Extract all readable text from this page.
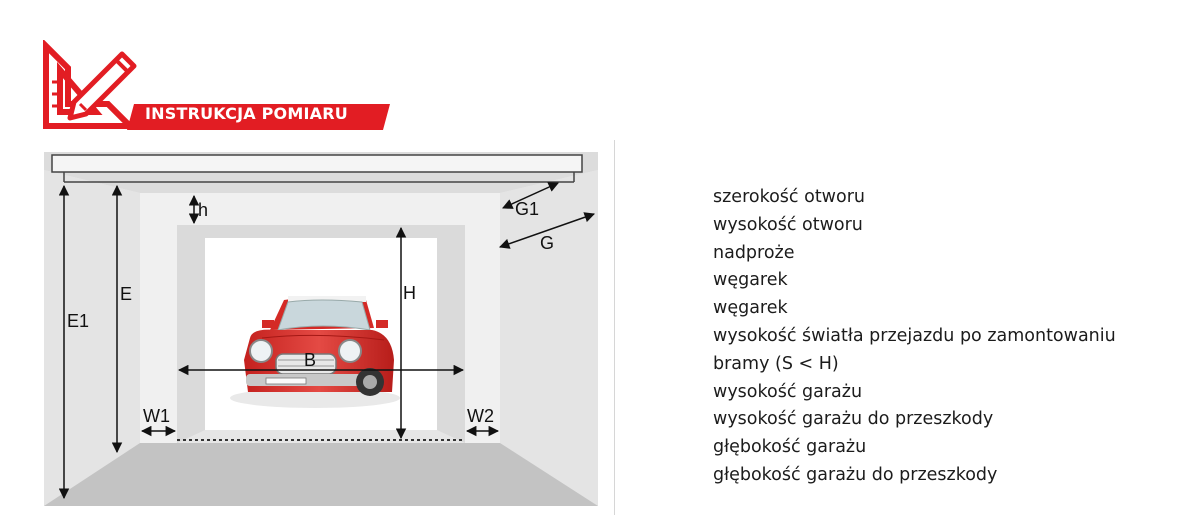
INSTRUKCJA POMIARU
h
H
B
E
E1
G1
G
W1	W2
szerokość otworu
wysokość otworu
nadproże
węgarek
węgarek
wysokość światła przejazdu po zamontowaniu
bramy (S < H)
wysokość garażu
wysokość garażu do przeszkody
głębokość garażu
głębokość garażu do przeszkody
